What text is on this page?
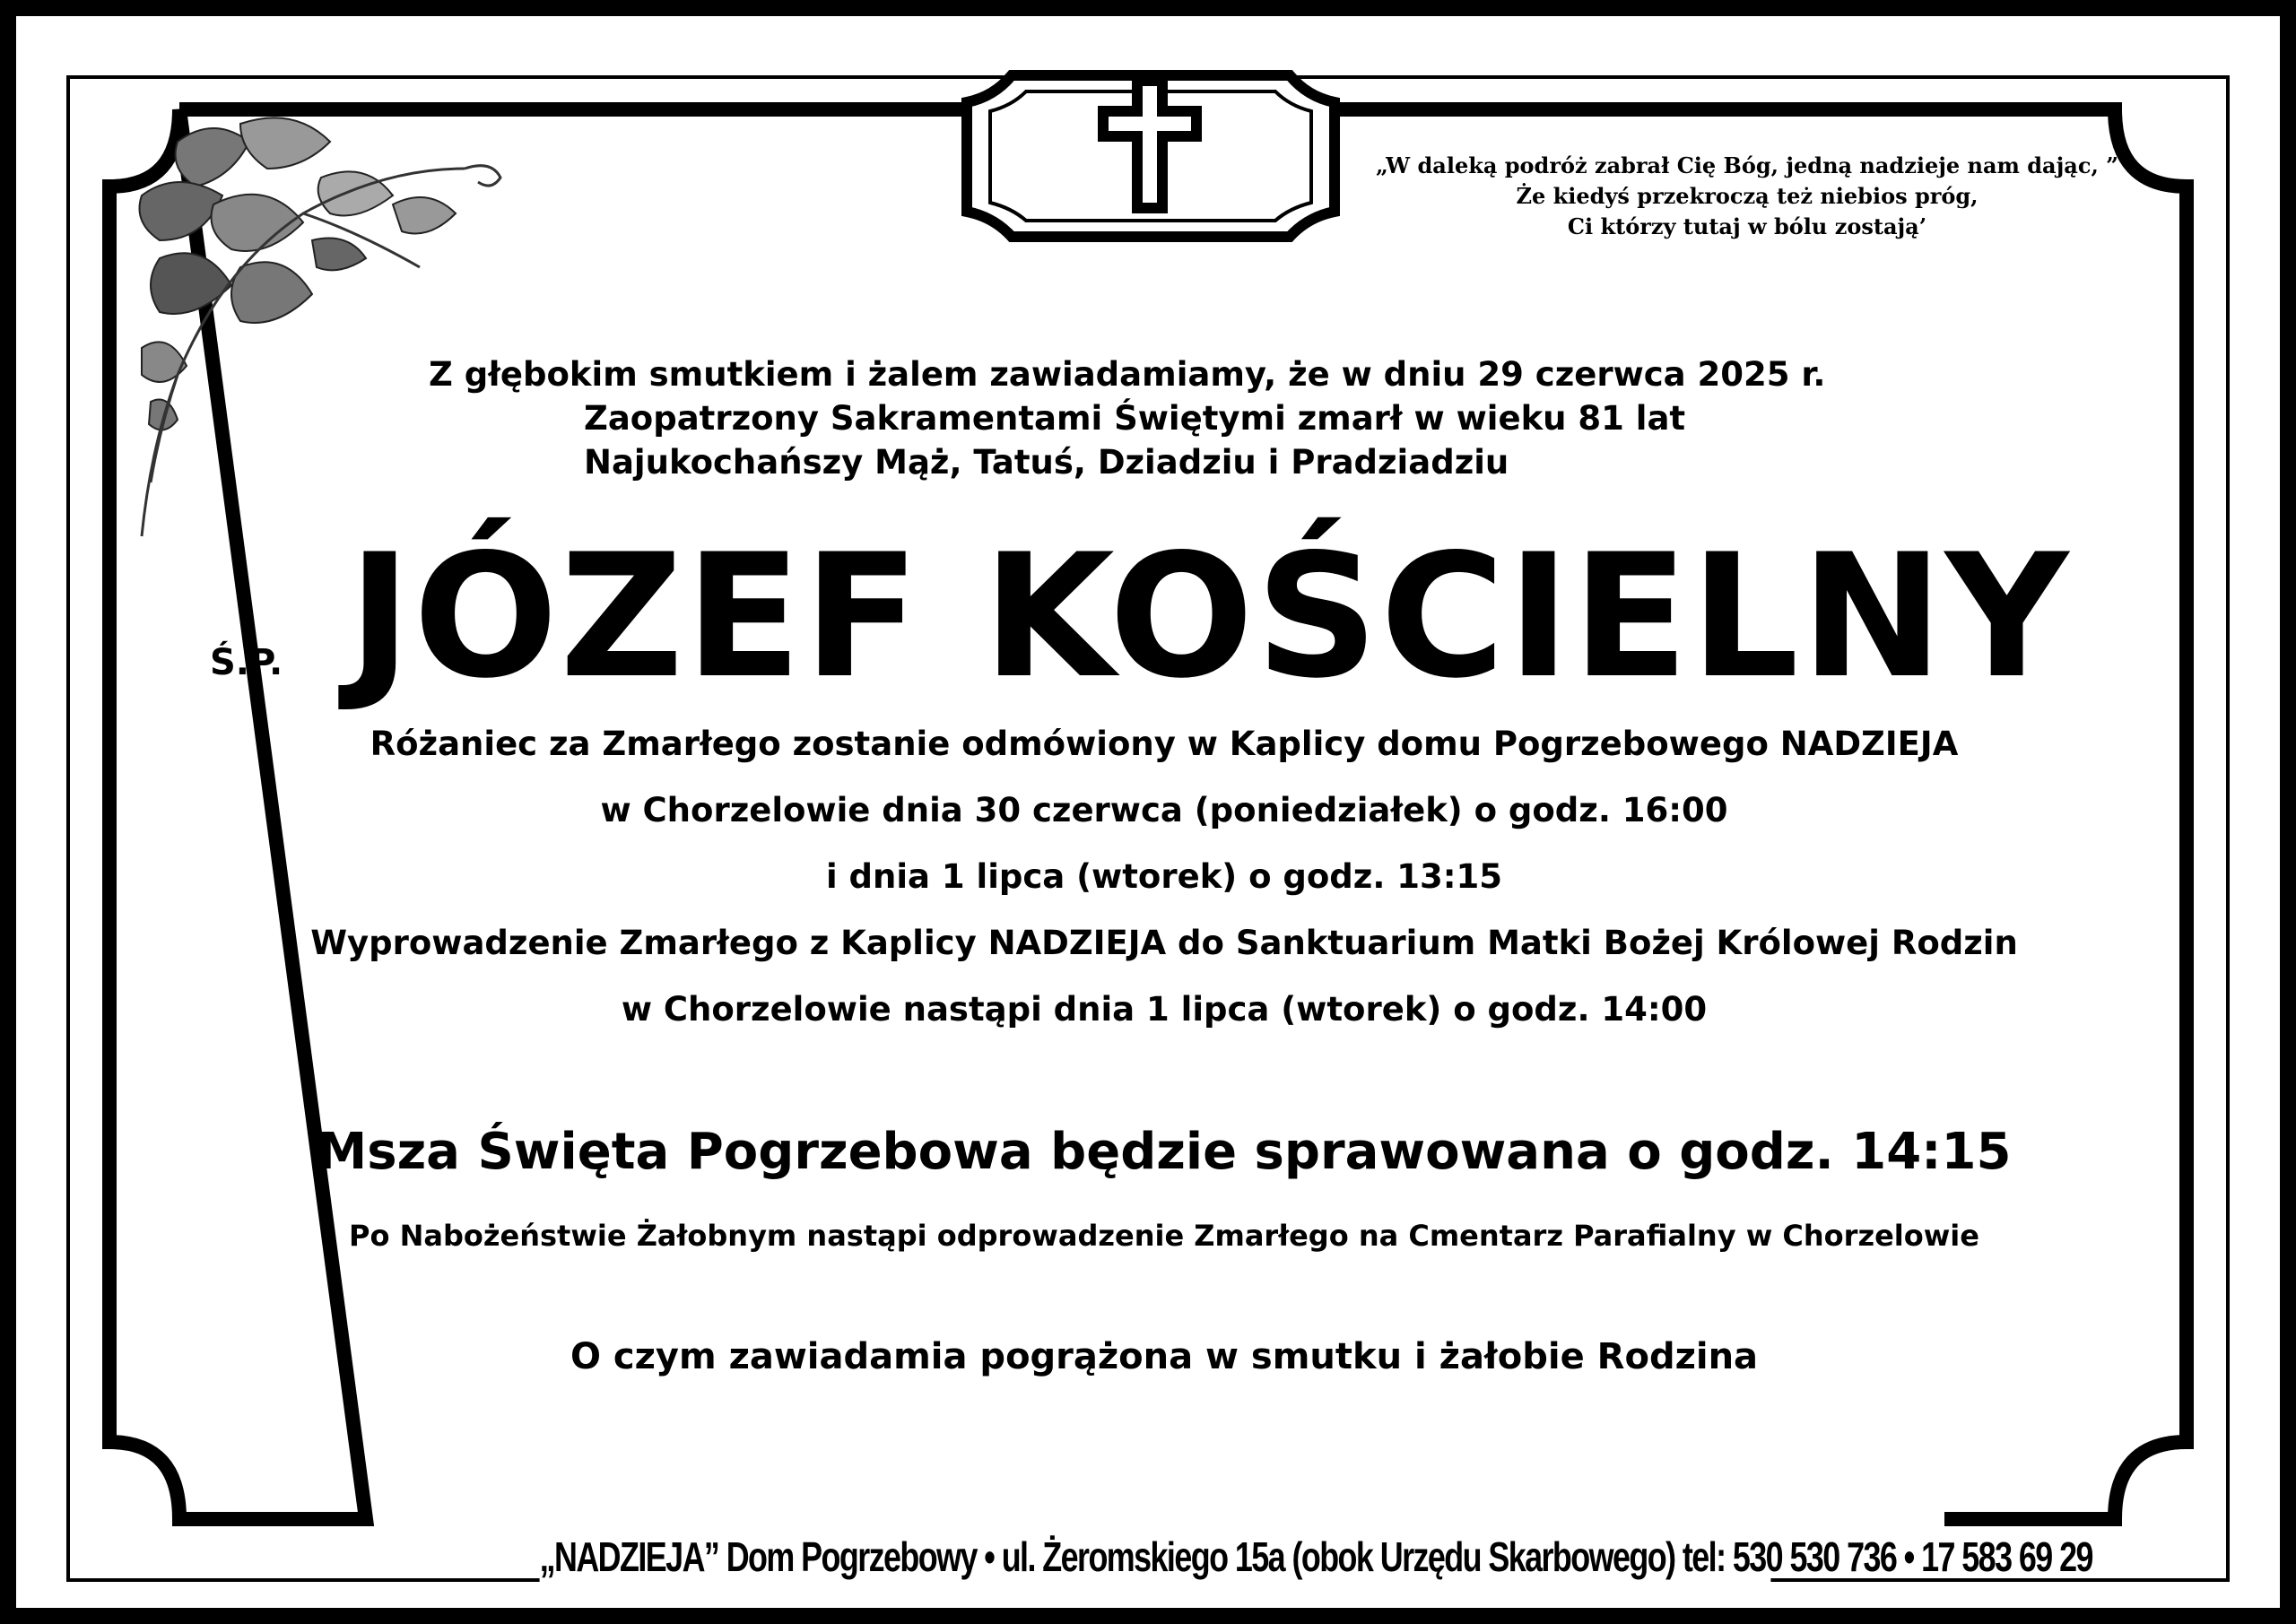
„W daleką podróż zabrał Cię Bóg, jedną nadzieje nam dając, ”
Że kiedyś przekroczą też niebios próg,
Ci którzy tutaj w bólu zostają’
Z głębokim smutkiem i żalem zawiadamiamy, że w dniu 29 czerwca 2025 r.
Zaopatrzony Sakramentami Świętymi zmarł w wieku 81 lat
Najukochańszy Mąż, Tatuś, Dziadziu i Pradziadziu
Ś.P. JÓZEF KOŚCIELNY
Różaniec za Zmarłego zostanie odmówiony w Kaplicy domu Pogrzebowego NADZIEJA
w Chorzelowie dnia 30 czerwca (poniedziałek) o godz. 16:00
i dnia 1 lipca (wtorek) o godz. 13:15
Wyprowadzenie Zmarłego z Kaplicy NADZIEJA do Sanktuarium Matki Bożej Królowej Rodzin
w Chorzelowie nastąpi dnia 1 lipca (wtorek) o godz. 14:00
Msza Święta Pogrzebowa będzie sprawowana o godz. 14:15
Po Nabożeństwie Żałobnym nastąpi odprowadzenie Zmarłego na Cmentarz Parafialny w Chorzelowie
O czym zawiadamia pogrążona w smutku i żałobie Rodzina
„NADZIEJA” Dom Pogrzebowy • ul. Żeromskiego 15a (obok Urzędu Skarbowego) tel: 530 530 736 • 17 583 69 29
